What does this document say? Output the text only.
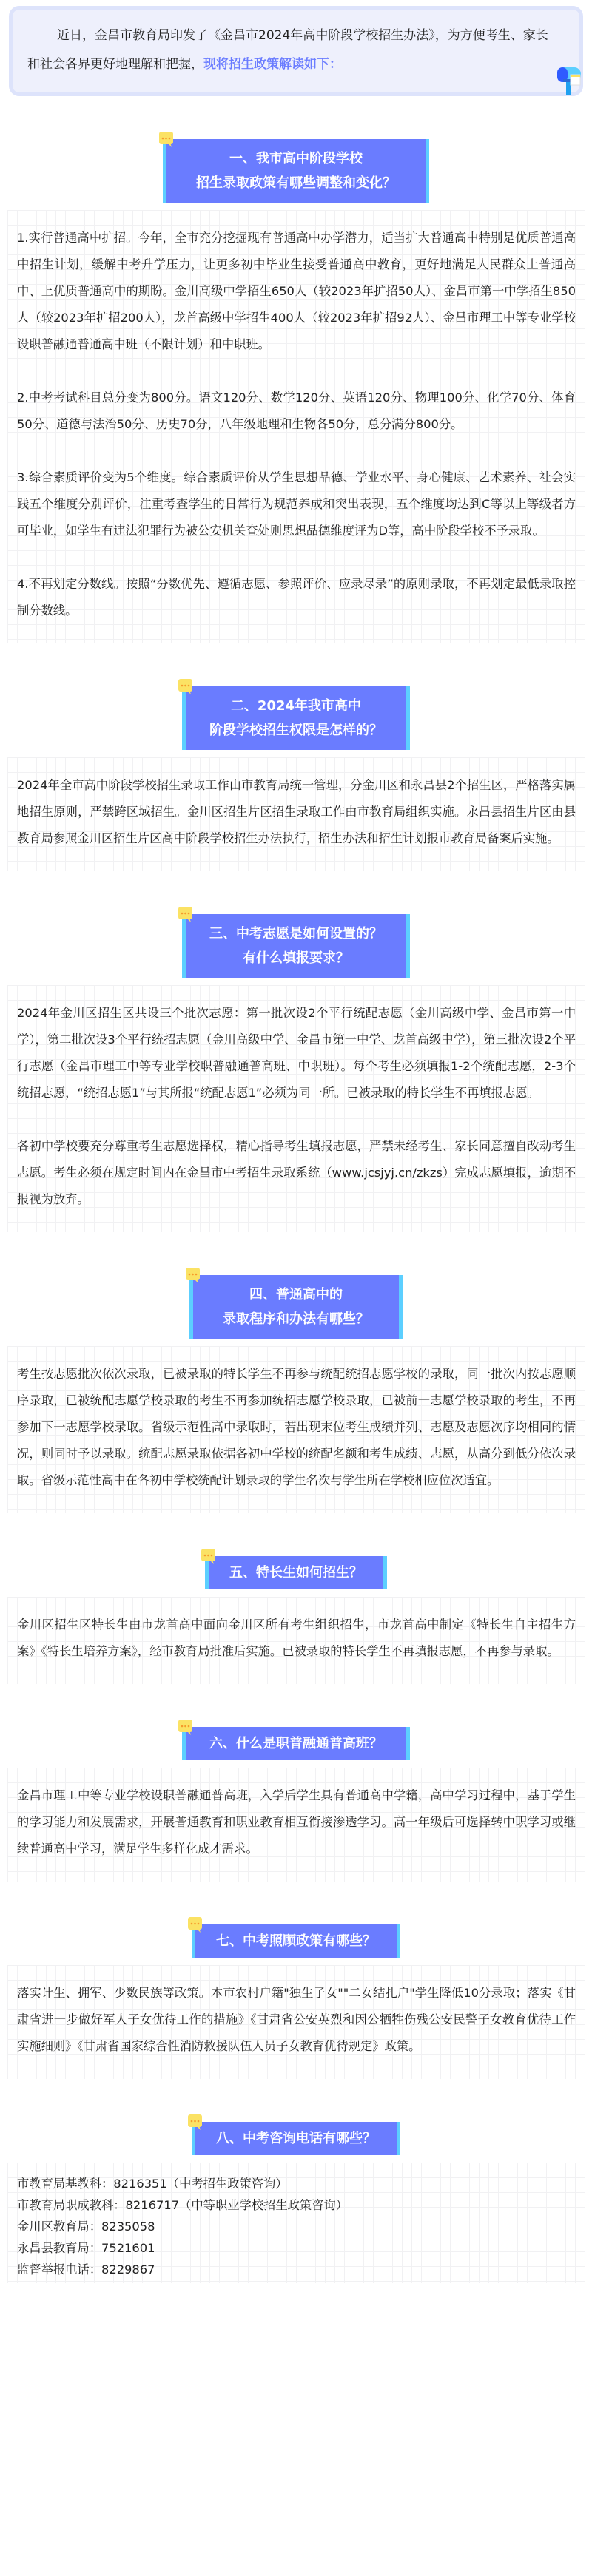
近日，金昌市教育局印发了《金昌市2024年高中阶段学校招生办法》，为方便考生、家长和社会各界更好地理解和把握，现将招生政策解读如下：
一、我市高中阶段学校
招生录取政策有哪些调整和变化？

1.实行普通高中扩招。今年，全市充分挖掘现有普通高中办学潜力，适当扩大普通高中特别是优质普通高中招生计划，缓解中考升学压力，让更多初中毕业生接受普通高中教育，更好地满足人民群众上普通高中、上优质普通高中的期盼。金川高级中学招生650人（较2023年扩招50人）、金昌市第一中学招生850人（较2023年扩招200人），龙首高级中学招生400人（较2023年扩招92人）、金昌市理工中等专业学校设职普融通普通高中班（不限计划）和中职班。

2.中考考试科目总分变为800分。语文120分、数学120分、英语120分、物理100分、化学70分、体育50分、道德与法治50分、历史70分，八年级地理和生物各50分，总分满分800分。

3.综合素质评价变为5个维度。综合素质评价从学生思想品德、学业水平、身心健康、艺术素养、社会实践五个维度分别评价，注重考查学生的日常行为规范养成和突出表现，五个维度均达到C等以上等级者方可毕业，如学生有违法犯罪行为被公安机关查处则思想品德维度评为D等，高中阶段学校不予录取。

4.不再划定分数线。按照“分数优先、遵循志愿、参照评价、应录尽录”的原则录取，不再划定最低录取控制分数线。

二、2024年我市高中
阶段学校招生权限是怎样的？

2024年全市高中阶段学校招生录取工作由市教育局统一管理，分金川区和永昌县2个招生区，严格落实属地招生原则，严禁跨区域招生。金川区招生片区招生录取工作由市教育局组织实施。永昌县招生片区由县教育局参照金川区招生片区高中阶段学校招生办法执行，招生办法和招生计划报市教育局备案后实施。

三、中考志愿是如何设置的？
有什么填报要求？

2024年金川区招生区共设三个批次志愿：第一批次设2个平行统配志愿（金川高级中学、金昌市第一中学），第二批次设3个平行统招志愿（金川高级中学、金昌市第一中学、龙首高级中学），第三批次设2个平行志愿（金昌市理工中等专业学校职普融通普高班、中职班）。每个考生必须填报1-2个统配志愿，2-3个统招志愿，“统招志愿1”与其所报“统配志愿1”必须为同一所。已被录取的特长学生不再填报志愿。

各初中学校要充分尊重考生志愿选择权，精心指导考生填报志愿，严禁未经考生、家长同意擅自改动考生志愿。考生必须在规定时间内在金昌市中考招生录取系统（www.jcsjyj.cn/zkzs）完成志愿填报，逾期不报视为放弃。

四、普通高中的
录取程序和办法有哪些？

考生按志愿批次依次录取，已被录取的特长学生不再参与统配统招志愿学校的录取，同一批次内按志愿顺序录取，已被统配志愿学校录取的考生不再参加统招志愿学校录取，已被前一志愿学校录取的考生，不再参加下一志愿学校录取。省级示范性高中录取时，若出现末位考生成绩并列、志愿及志愿次序均相同的情况，则同时予以录取。统配志愿录取依据各初中学校的统配名额和考生成绩、志愿，从高分到低分依次录取。省级示范性高中在各初中学校统配计划录取的学生名次与学生所在学校相应位次适宜。

五、特长生如何招生？

金川区招生区特长生由市龙首高中面向金川区所有考生组织招生，市龙首高中制定《特长生自主招生方案》《特长生培养方案》，经市教育局批准后实施。已被录取的特长学生不再填报志愿，不再参与录取。

六、什么是职普融通普高班？

金昌市理工中等专业学校设职普融通普高班，入学后学生具有普通高中学籍，高中学习过程中，基于学生的学习能力和发展需求，开展普通教育和职业教育相互衔接渗透学习。高一年级后可选择转中职学习或继续普通高中学习，满足学生多样化成才需求。

七、中考照顾政策有哪些？

落实计生、拥军、少数民族等政策。本市农村户籍"独生子女""二女结扎户"学生降低10分录取；落实《甘肃省进一步做好军人子女优待工作的措施》《甘肃省公安英烈和因公牺牲伤残公安民警子女教育优待工作实施细则》《甘肃省国家综合性消防救援队伍人员子女教育优待规定》政策。

八、中考咨询电话有哪些？

市教育局基教科：8216351（中考招生政策咨询）

市教育局职成教科：8216717（中等职业学校招生政策咨询）

金川区教育局：8235058

永昌县教育局：7521601

监督举报电话：8229867
